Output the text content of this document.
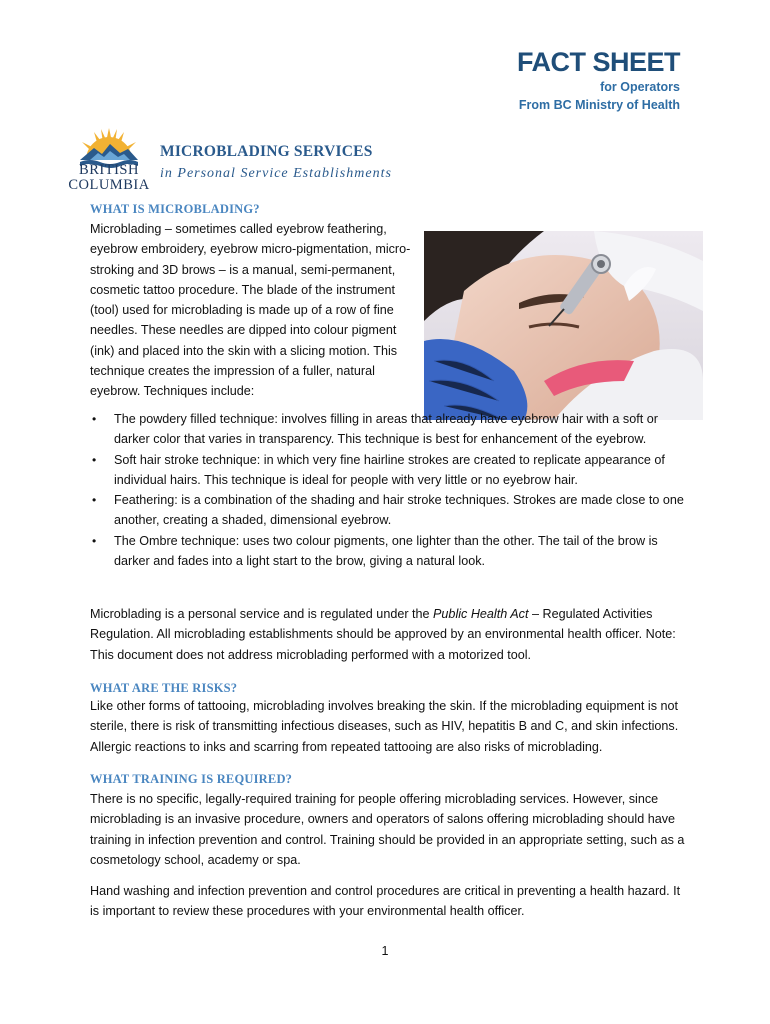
FACT SHEET
for Operators
From BC Ministry of Health
BRITISH
COLUMBIA
MICROBLADING SERVICES
in Personal Service Establishments
WHAT IS MICROBLADING?
Microblading – sometimes called eyebrow feathering, eyebrow embroidery, eyebrow micro-pigmentation, micro-stroking and 3D brows – is a manual, semi-permanent, cosmetic tattoo procedure. The blade of the instrument (tool) used for microblading is made up of a row of fine needles. These needles are dipped into colour pigment (ink) and placed into the skin with a slicing motion. This technique creates the impression of a fuller, natural eyebrow. Techniques include:
• The powdery filled technique: involves filling in areas that already have eyebrow hair with a soft or darker color that varies in transparency. This technique is best for enhancement of the eyebrow.
• Soft hair stroke technique: in which very fine hairline strokes are created to replicate appearance of individual hairs. This technique is ideal for people with very little or no eyebrow hair.
• Feathering: is a combination of the shading and hair stroke techniques. Strokes are made close to one another, creating a shaded, dimensional eyebrow.
• The Ombre technique: uses two colour pigments, one lighter than the other. The tail of the brow is darker and fades into a light start to the brow, giving a natural look.
Microblading is a personal service and is regulated under the Public Health Act – Regulated Activities Regulation. All microblading establishments should be approved by an environmental health officer. Note: This document does not address microblading performed with a motorized tool.
WHAT ARE THE RISKS?
Like other forms of tattooing, microblading involves breaking the skin. If the microblading equipment is not sterile, there is risk of transmitting infectious diseases, such as HIV, hepatitis B and C, and skin infections. Allergic reactions to inks and scarring from repeated tattooing are also risks of microblading.
WHAT TRAINING IS REQUIRED?
There is no specific, legally-required training for people offering microblading services. However, since microblading is an invasive procedure, owners and operators of salons offering microblading should have training in infection prevention and control. Training should be provided in an appropriate setting, such as a cosmetology school, academy or spa.
Hand washing and infection prevention and control procedures are critical in preventing a health hazard. It is important to review these procedures with your environmental health officer.
1
